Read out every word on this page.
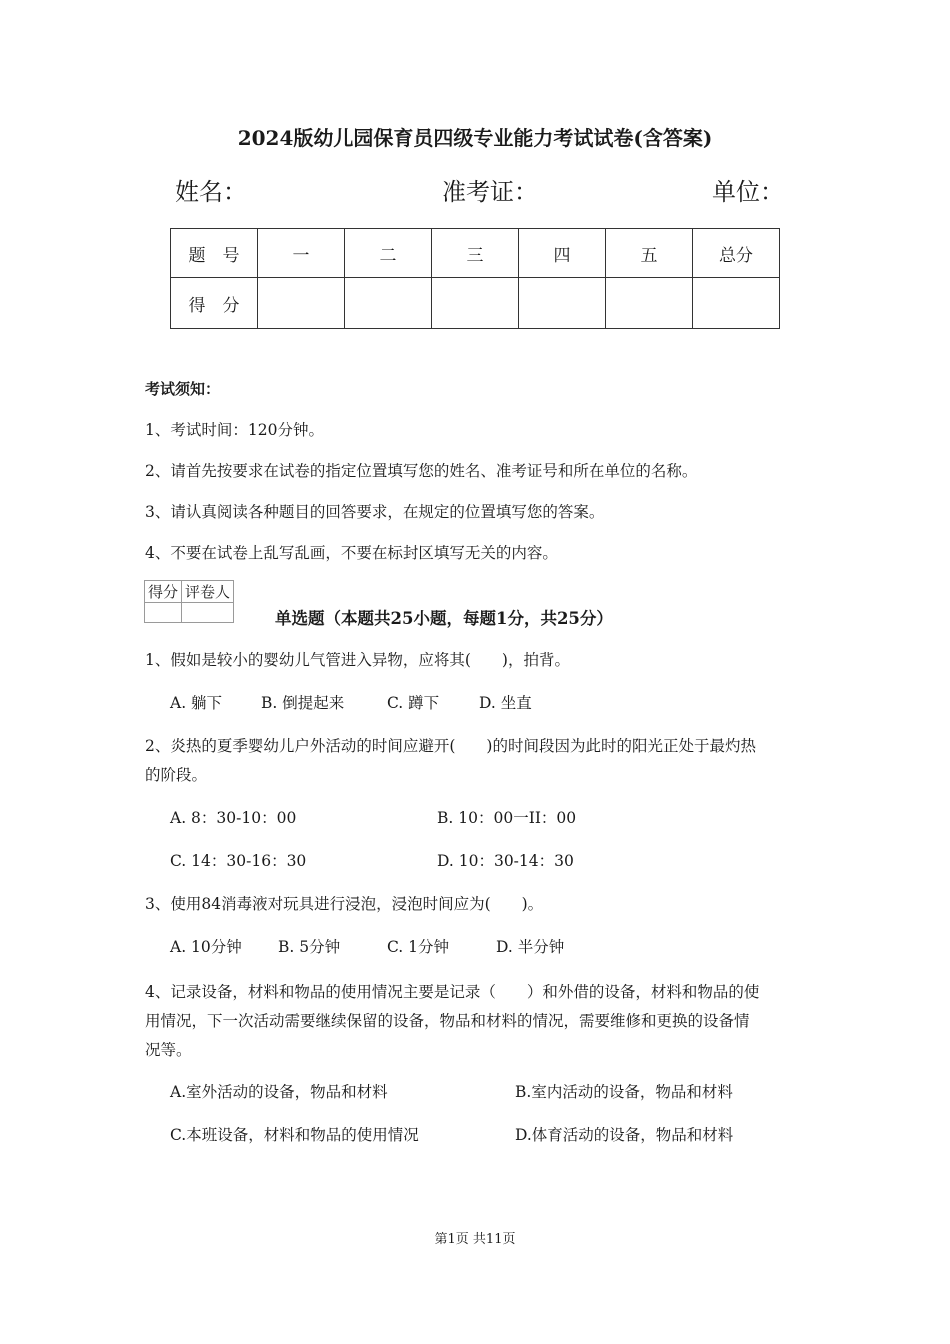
2024版幼儿园保育员四级专业能力考试试卷(含答案)
姓名：	准考证：	单位：
题　号	一	二	三	四	五	总分
得　分						
考试须知：
1、考试时间：120分钟。
2、请首先按要求在试卷的指定位置填写您的姓名、准考证号和所在单位的名称。
3、请认真阅读各种题目的回答要求，在规定的位置填写您的答案。
4、不要在试卷上乱写乱画，不要在标封区填写无关的内容。
得分	评卷人

单选题（本题共25小题，每题1分，共25分）
1、假如是较小的婴幼儿气管进入异物，应将其(　　)，拍背。
A. 躺下	B. 倒提起来	C. 蹲下	D. 坐直
2、炎热的夏季婴幼儿户外活动的时间应避开(　　)的时间段因为此时的阳光正处于最灼热
的阶段。
A. 8：30-10：00	B. 10：00一II：00
C. 14：30-16：30	D. 10：30-14：30
3、使用84消毒液对玩具进行浸泡，浸泡时间应为(　　)。
A. 10分钟 B. 5分钟	C. 1分钟	D. 半分钟
4、记录设备，材料和物品的使用情况主要是记录（　　）和外借的设备，材料和物品的使
用情况，下一次活动需要继续保留的设备，物品和材料的情况，需要维修和更换的设备情
况等。
A.室外活动的设备，物品和材料	B.室内活动的设备，物品和材料
C.本班设备，材料和物品的使用情况	D.体育活动的设备，物品和材料
第1页 共11页
